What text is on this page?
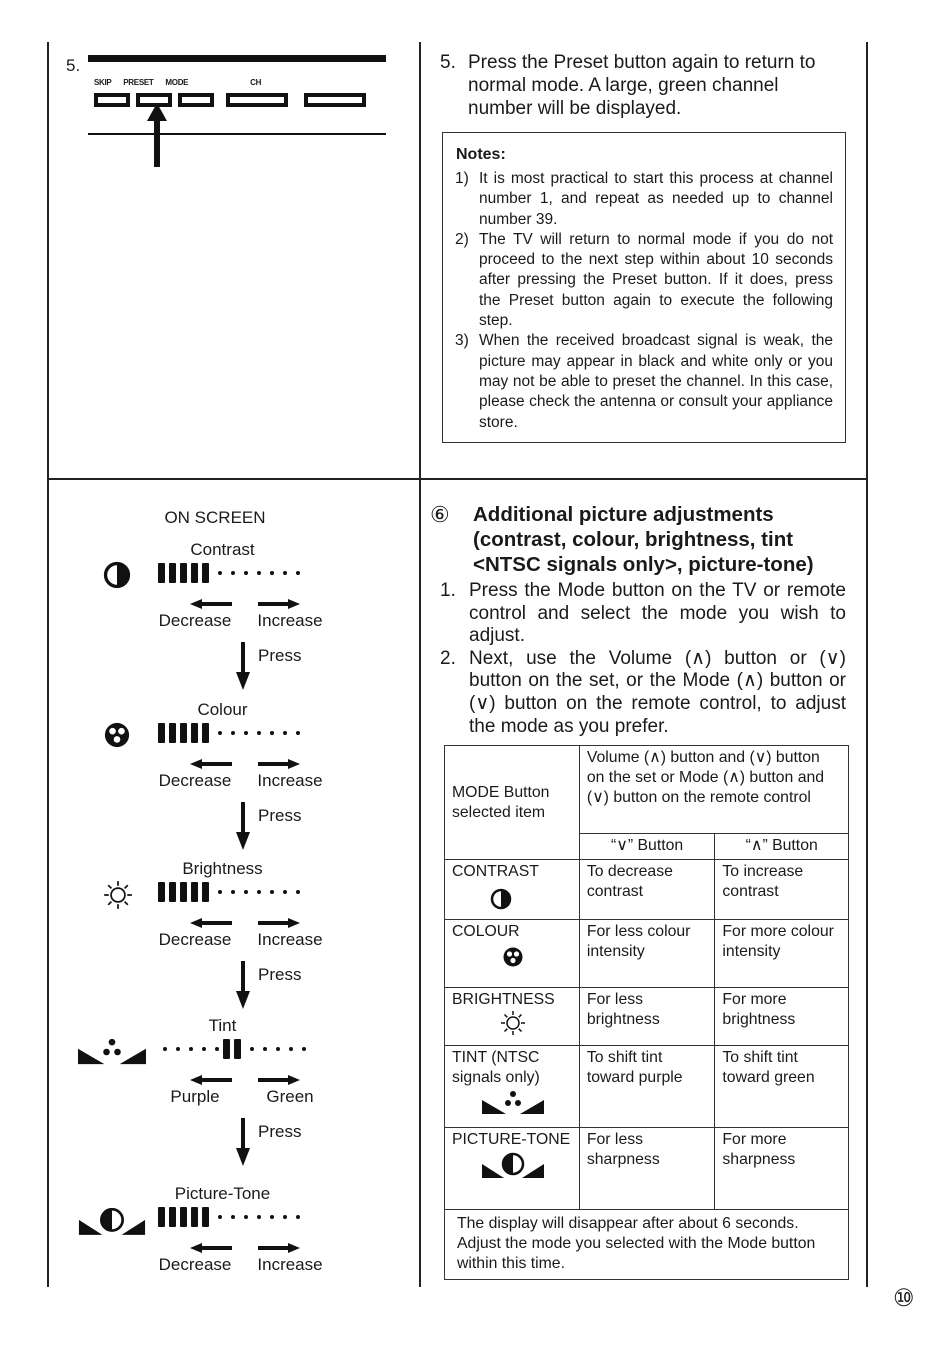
5.
SKIP PRESET MODE	CH
5. Press the Preset button again to return to normal mode. A large, green channel number will be displayed.
Notes:
1) It is most practical to start this process at channel number 1, and repeat as needed up to channel number 39.
2) The TV will return to normal mode if you do not proceed to the next step within about 10 seconds after pressing the Preset button. If it does, press the Preset button again to execute the following step.
3) When the received broadcast signal is weak, the picture may appear in black and white only or you may not be able to preset the channel. In this case, please check the antenna or consult your appliance store.
ON SCREEN
Contrast
Decrease	Increase
Press
Colour
Decrease	Increase
Press
Brightness
Decrease	Increase
Press
Tint
Purple	Green
Press
Picture-Tone
Decrease	Increase
⑥	Additional picture adjustments (contrast, colour, brightness, tint <NTSC signals only>, picture-tone)
1. Press the Mode button on the TV or remote control and select the mode you wish to adjust.
2. Next, use the Volume (∧) button or (∨) button on the set, or the Mode (∧) button or (∨) button on the remote control, to adjust the mode as you prefer.
MODE Button selected item	Volume (∧) button and (∨) button on the set or Mode (∧) button and (∨) button on the remote control	
	“∨” Button	“∧” Button

CONTRAST	To decrease contrast	To increase contrast

COLOUR	For less colour intensity	For more colour intensity

BRIGHTNESS	For less brightness	For more brightness

TINT (NTSC signals only)	To shift tint toward purple	To shift tint toward green

PICTURE-TONE	For less sharpness	For more sharpness
The display will disappear after about 6 seconds. Adjust the mode you selected with the Mode button within this time.		
⑩
